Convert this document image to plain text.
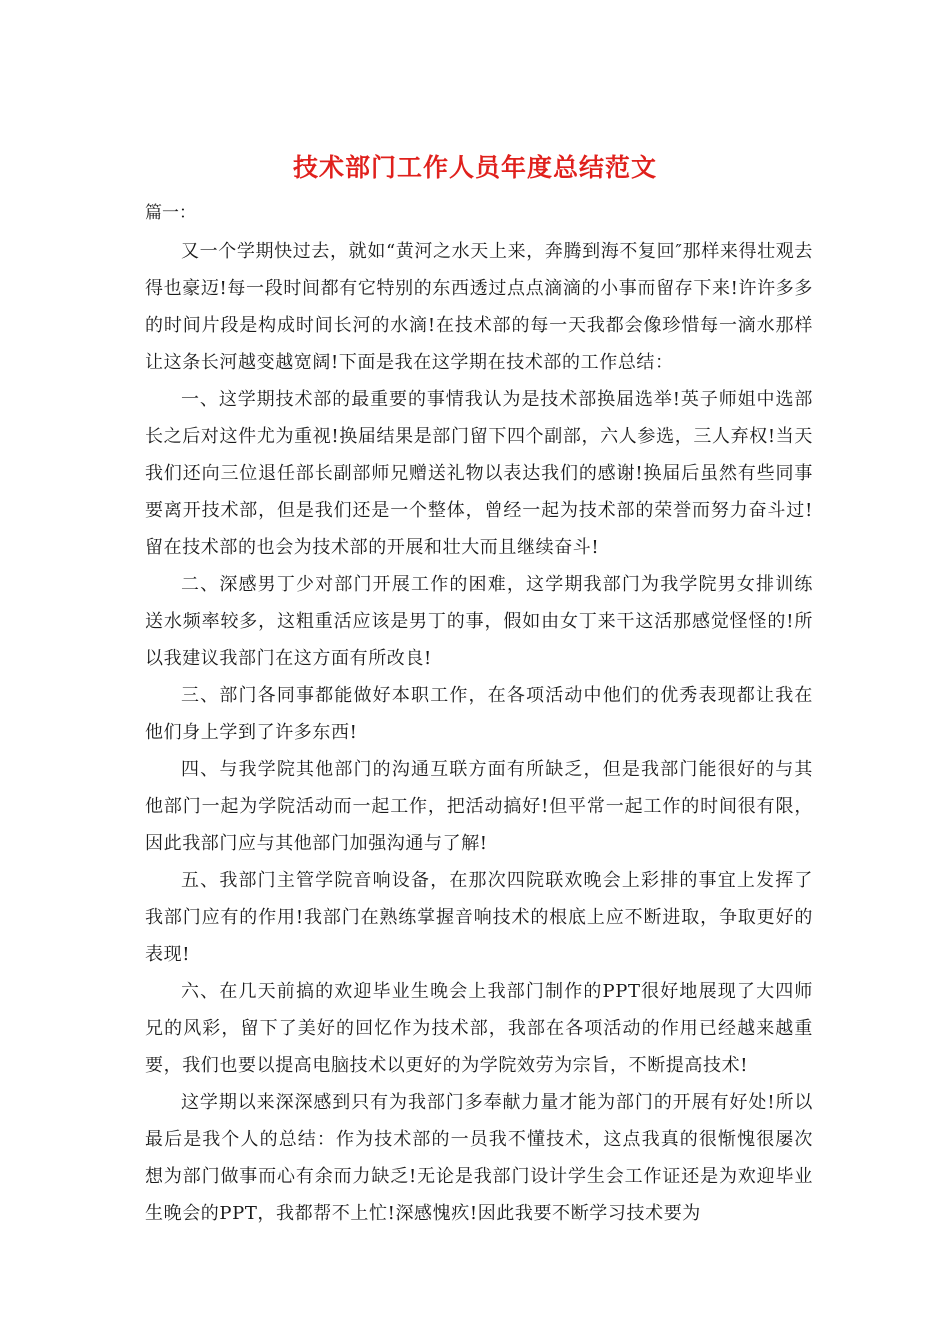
技术部门工作人员年度总结范文
篇一：

又一个学期快过去，就如“黄河之水天上来，奔腾到海不复回″那样来得壮观去得也豪迈!每一段时间都有它特别的东西透过点点滴滴的小事而留存下来!许许多多的时间片段是构成时间长河的水滴!在技术部的每一天我都会像珍惜每一滴水那样让这条长河越变越宽阔!下面是我在这学期在技术部的工作总结：

一、这学期技术部的最重要的事情我认为是技术部换届选举!英子师姐中选部长之后对这件尤为重视!换届结果是部门留下四个副部，六人参选，三人弃权!当天我们还向三位退任部长副部师兄赠送礼物以表达我们的感谢!换届后虽然有些同事要离开技术部，但是我们还是一个整体，曾经一起为技术部的荣誉而努力奋斗过!留在技术部的也会为技术部的开展和壮大而且继续奋斗!

二、深感男丁少对部门开展工作的困难，这学期我部门为我学院男女排训练送水频率较多，这粗重活应该是男丁的事，假如由女丁来干这活那感觉怪怪的!所以我建议我部门在这方面有所改良!

三、部门各同事都能做好本职工作，在各项活动中他们的优秀表现都让我在他们身上学到了许多东西!

四、与我学院其他部门的沟通互联方面有所缺乏，但是我部门能很好的与其他部门一起为学院活动而一起工作，把活动搞好!但平常一起工作的时间很有限，因此我部门应与其他部门加强沟通与了解!

五、我部门主管学院音响设备，在那次四院联欢晚会上彩排的事宜上发挥了我部门应有的作用!我部门在熟练掌握音响技术的根底上应不断进取，争取更好的表现!

六、在几天前搞的欢迎毕业生晚会上我部门制作的PPT很好地展现了大四师兄的风彩，留下了美好的回忆作为技术部，我部在各项活动的作用已经越来越重要，我们也要以提高电脑技术以更好的为学院效劳为宗旨，不断提高技术!

这学期以来深深感到只有为我部门多奉献力量才能为部门的开展有好处!所以最后是我个人的总结：作为技术部的一员我不懂技术，这点我真的很惭愧很屡次想为部门做事而心有余而力缺乏!无论是我部门设计学生会工作证还是为欢迎毕业生晚会的PPT，我都帮不上忙!深感愧疚!因此我要不断学习技术要为
